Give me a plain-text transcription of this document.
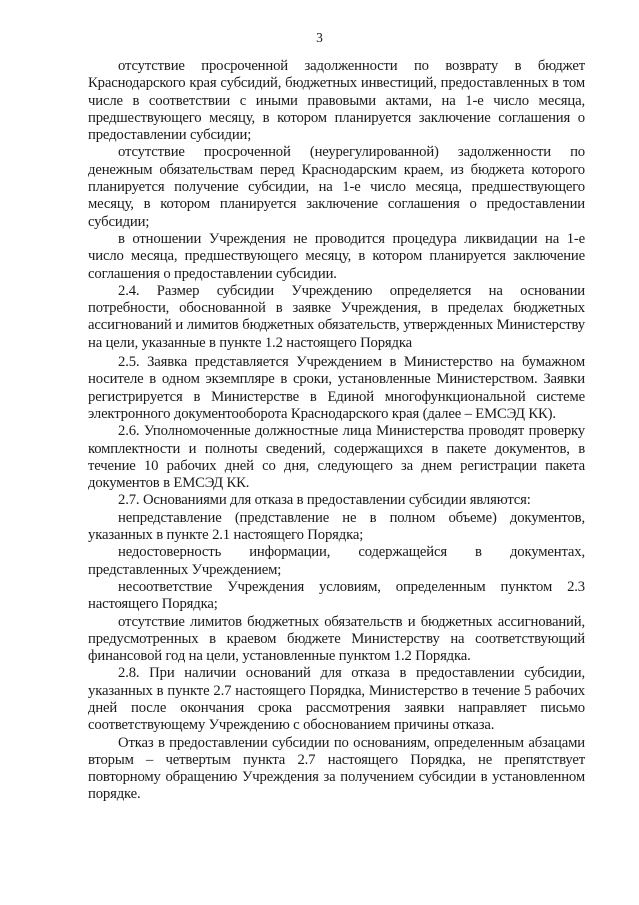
3

отсутствие просроченной задолженности по возврату в бюджет Краснодарского края субсидий, бюджетных инвестиций, предоставленных в том числе в соответствии с иными правовыми актами, на 1-е число месяца, предшествующего месяцу, в котором планируется заключение соглашения о предоставлении субсидии;

отсутствие просроченной (неурегулированной) задолженности по денежным обязательствам перед Краснодарским краем, из бюджета которого планируется получение субсидии, на 1-е число месяца, предшествующего месяцу, в котором планируется заключение соглашения о предоставлении субсидии;

в отношении Учреждения не проводится процедура ликвидации на 1-е число месяца, предшествующего месяцу, в котором планируется заключение соглашения о предоставлении субсидии.

2.4. Размер субсидии Учреждению определяется на основании потребности, обоснованной в заявке Учреждения, в пределах бюджетных ассигнований и лимитов бюджетных обязательств, утвержденных Министерству на цели, указанные в пункте 1.2 настоящего Порядка

2.5. Заявка представляется Учреждением в Министерство на бумажном носителе в одном экземпляре в сроки, установленные Министерством. Заявки регистрируется в Министерстве в Единой многофункциональной системе электронного документооборота Краснодарского края (далее – ЕМСЭД КК).

2.6. Уполномоченные должностные лица Министерства проводят проверку комплектности и полноты сведений, содержащихся в пакете документов, в течение 10 рабочих дней со дня, следующего за днем регистрации пакета документов в ЕМСЭД КК.

2.7. Основаниями для отказа в предоставлении субсидии являются:

непредставление (представление не в полном объеме) документов, указанных в пункте 2.1 настоящего Порядка;

недостоверность информации, содержащейся в документах, представленных Учреждением;

несоответствие Учреждения условиям, определенным пунктом 2.3 настоящего Порядка;

отсутствие лимитов бюджетных обязательств и бюджетных ассигнований, предусмотренных в краевом бюджете Министерству на соответствующий финансовой год на цели, установленные пунктом 1.2 Порядка.

2.8. При наличии оснований для отказа в предоставлении субсидии, указанных в пункте 2.7 настоящего Порядка, Министерство в течение 5 рабочих дней после окончания срока рассмотрения заявки направляет письмо соответствующему Учреждению с обоснованием причины отказа.

Отказ в предоставлении субсидии по основаниям, определенным абзацами вторым – четвертым пункта 2.7 настоящего Порядка, не препятствует повторному обращению Учреждения за получением субсидии в установленном порядке.
